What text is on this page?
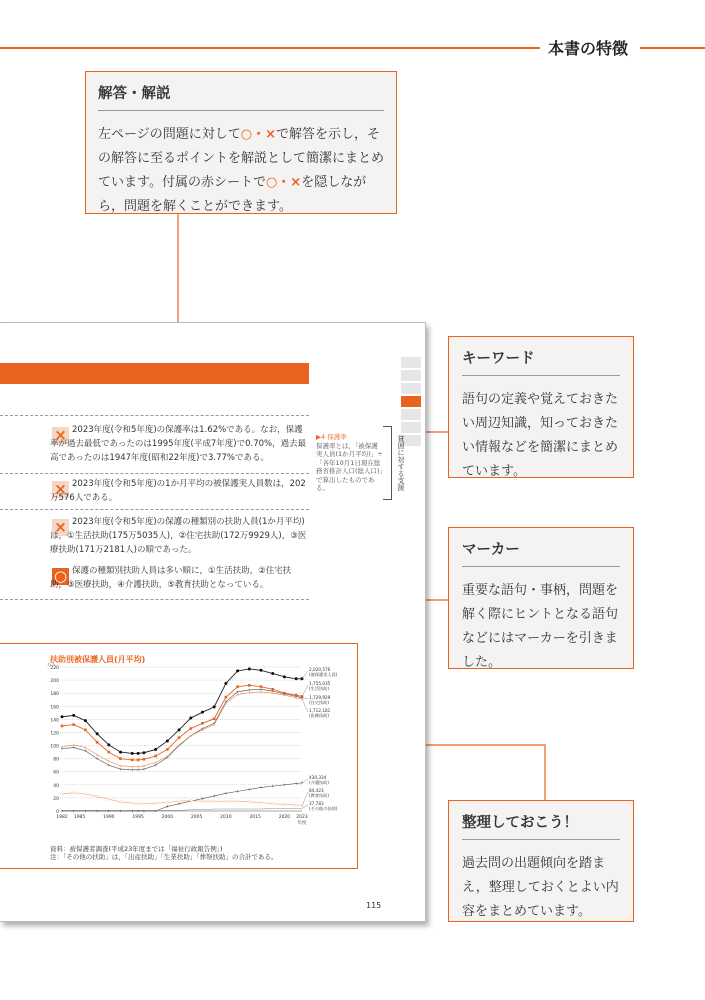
本書の特徴
解答・解説
左ページの問題に対して○・×で解答を示し，その解答に至るポイントを解説として簡潔にまとめています。付属の赤シートで○・×を隠しながら，問題を解くことができます。
× 2023年度(令和5年度)の保護率は1.62%である。なお，保護率が過去最低であったのは1995年度(平成7年度)で0.70%，過去最高であったのは1947年度(昭和22年度)で3.77%である。
× 2023年度(令和5年度)の1か月平均の被保護実人員数は，202万576人である。
× 2023年度(令和5年度)の保護の種類別の扶助人員(1か月平均)は，①生活扶助(175万5035人)，②住宅扶助(172万9929人)，③医療扶助(171万2181人)の順であった。
○ 保護の種類別扶助人員は多い順に，①生活扶助，②住宅扶助，③医療扶助，④介護扶助，⑤教育扶助となっている。
▶4 保護率
保護率とは，「被保護実人員(1か月平均)」÷「各年10月1日現在総務省推計人口(総人口)」で算出したものである。	貧困に対する支援
扶助別被保護人員(月平均)
0
20
40
60
80
100
120
140
160
180
200
220
万人
1982 1985	1990	1995	2000	2005	2010	2015	2020 2023
年度
2,020,576
(被保護実人員)
1,755,035
(生活扶助)
1,729,929
(住宅扶助)
1,712,181
(医療扶助)
430,334
(介護扶助)
84,423
(教育扶助)
37,783
(その他の扶助)
資料：被保護者調査(平成23年度までは「福祉行政報告例」)
注：「その他の扶助」は，「出産扶助」「生業扶助」「葬祭扶助」の合計である。
115
キーワード
語句の定義や覚えておきたい周辺知識，知っておきたい情報などを簡潔にまとめています。
マーカー
重要な語句・事柄，問題を解く際にヒントとなる語句などにはマーカーを引きました。
整理しておこう！
過去問の出題傾向を踏まえ，整理しておくとよい内容をまとめています。
